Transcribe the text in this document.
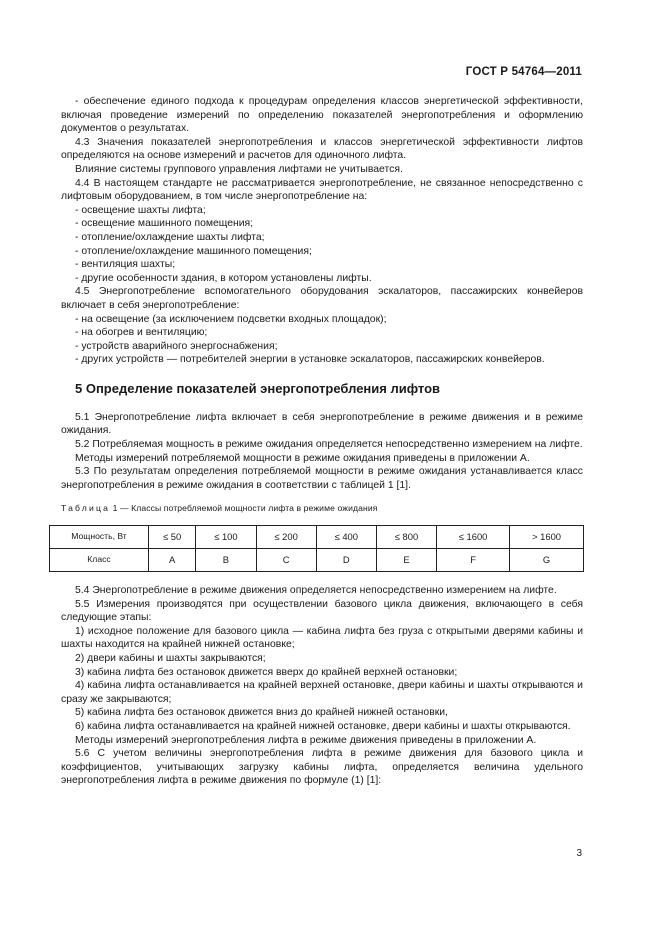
ГОСТ Р 54764—2011

- обеспечение единого подхода к процедурам определения классов энергетической эффективности, включая проведение измерений по определению показателей энергопотребления и оформлению документов о результатах.

4.3 Значения показателей энергопотребления и классов энергетической эффективности лифтов определяются на основе измерений и расчетов для одиночного лифта.

Влияние системы группового управления лифтами не учитывается.

4.4 В настоящем стандарте не рассматривается энергопотребление, не связанное непосредственно с лифтовым оборудованием, в том числе энергопотребление на:

- освещение шахты лифта;

- освещение машинного помещения;

- отопление/охлаждение шахты лифта;

- отопление/охлаждение машинного помещения;

- вентиляция шахты;

- другие особенности здания, в котором установлены лифты.

4.5 Энергопотребление вспомогательного оборудования эскалаторов, пассажирских конвейеров включает в себя энергопотребление:

- на освещение (за исключением подсветки входных площадок);

- на обогрев и вентиляцию;

- устройств аварийного энергоснабжения;

- других устройств — потребителей энергии в установке эскалаторов, пассажирских конвейеров.

5 Определение показателей энергопотребления лифтов

5.1 Энергопотребление лифта включает в себя энергопотребление в режиме движения и в режиме ожидания.

5.2 Потребляемая мощность в режиме ожидания определяется непосредственно измерением на лифте.

Методы измерений потребляемой мощности в режиме ожидания приведены в приложении А.

5.3 По результатам определения потребляемой мощности в режиме ожидания устанавливается класс энергопотребления в режиме ожидания в соответствии с таблицей 1 [1].

Таблица 1 — Классы потребляемой мощности лифта в режиме ожидания
Мощность, Вт	≤ 50	≤ 100	≤ 200	≤ 400	≤ 800	≤ 1600	> 1600
Класс	A	B	C	D	E	F	G

5.4 Энергопотребление в режиме движения определяется непосредственно измерением на лифте.

5.5 Измерения производятся при осуществлении базового цикла движения, включающего в себя следующие этапы:

1) исходное положение для базового цикла — кабина лифта без груза с открытыми дверями кабины и шахты находится на крайней нижней остановке;

2) двери кабины и шахты закрываются;

3) кабина лифта без остановок движется вверх до крайней верхней остановки;

4) кабина лифта останавливается на крайней верхней остановке, двери кабины и шахты открываются и сразу же закрываются;

5) кабина лифта без остановок движется вниз до крайней нижней остановки,

6) кабина лифта останавливается на крайней нижней остановке, двери кабины и шахты открываются.

Методы измерений энергопотребления лифта в режиме движения приведены в приложении А.

5.6 С учетом величины энергопотребления лифта в режиме движения для базового цикла и коэффициентов, учитывающих загрузку кабины лифта, определяется величина удельного энергопотребления лифта в режиме движения по формуле (1) [1]:

3
